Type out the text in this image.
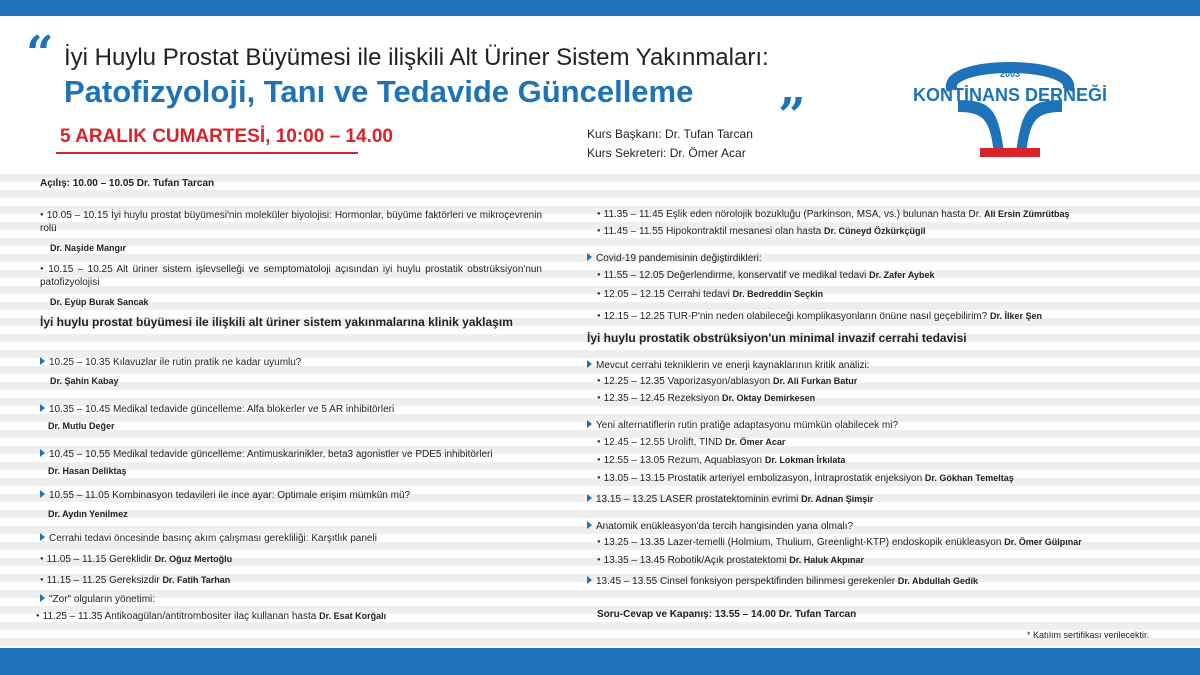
“ İyi Huylu Prostat Büyümesi ile ilişkili Alt Üriner Sistem Yakınmaları:
Patofizyoloji, Tanı ve Tedavide Güncelleme ”
5 ARALIK CUMARTESİ, 10:00 – 14.00	Kurs Başkanı: Dr. Tufan Tarcan
Kurs Sekreteri: Dr. Ömer Acar
2003
KONTİNANS DERNEĞİ
Açılış: 10.00 – 10.05 Dr. Tufan Tarcan
● 10.05 – 10.15 İyi huylu prostat büyümesi'nin moleküler biyolojisi: Hormonlar, büyüme faktörleri ve mikroçevrenin rolü
Dr. Naşide Mangır
● 10.15 – 10.25 Alt üriner sistem işlevselleği ve semptomatoloji açısından iyi huylu prostatik obstrüksiyon'nun patofizyolojisi
Dr. Eyüp Burak Sancak
İyi huylu prostat büyümesi ile ilişkili alt üriner sistem yakınmalarına klinik yaklaşım
10.25 – 10.35 Kılavuzlar ile rutin pratik ne kadar uyumlu?
Dr. Şahin Kabay
10.35 – 10.45 Medikal tedavide güncelleme: Alfa blokerler ve 5 AR inhibitörleri
Dr. Mutlu Değer
10.45 – 10.55 Medikal tedavide güncelleme: Antimuskarinikler, beta3 agonistler ve PDE5 inhibitörleri
Dr. Hasan Deliktaş
10.55 – 11.05 Kombinasyon tedavileri ile ince ayar: Optimale erişim mümkün mü?
Dr. Aydın Yenilmez
Cerrahi tedavi öncesinde basınç akım çalışması gerekliliği: Karşıtlık paneli
● 11.05 – 11.15 Gereklidir Dr. Oğuz Mertoğlu
● 11.15 – 11.25 Gereksizdir Dr. Fatih Tarhan
"Zor" olguların yönetimi:
● 11.25 – 11.35 Antikoagülan/antitrombositer ilaç kullanan hasta Dr. Esat Korğalı
● 11.35 – 11.45 Eşlik eden nörolojik bozukluğu (Parkinson, MSA, vs.) bulunan hasta Dr. Ali Ersin Zümrütbaş
● 11.45 – 11.55 Hipokontraktil mesanesi olan hasta Dr. Cüneyd Özkürkçügil
Covid-19 pandemisinin değiştirdikleri:
● 11.55 – 12.05 Değerlendirme, konservatif ve medikal tedavi Dr. Zafer Aybek
● 12.05 – 12.15 Cerrahi tedavi Dr. Bedreddin Seçkin
● 12.15 – 12.25 TUR-P'nin neden olabileceği komplikasyonların önüne nasıl geçebilirim? Dr. İlker Şen
İyi huylu prostatik obstrüksiyon'un minimal invazif cerrahi tedavisi
Mevcut cerrahi tekniklerin ve enerji kaynaklarının kritik analizi:
● 12.25 – 12.35 Vaporizasyon/ablasyon Dr. Ali Furkan Batur
● 12.35 – 12.45 Rezeksiyon Dr. Oktay Demirkesen
Yeni alternatiflerin rutin pratiğe adaptasyonu mümkün olabilecek mi?
● 12.45 – 12.55 Urolift, TIND Dr. Ömer Acar
● 12.55 – 13.05 Rezum, Aquablasyon Dr. Lokman İrkılata
● 13.05 – 13.15 Prostatik arteriyel embolizasyon, İntraprostatik enjeksiyon Dr. Gökhan Temeltaş
13.15 – 13.25 LASER prostatektominin evrimi Dr. Adnan Şimşir
Anatomik enükleasyon'da tercih hangisinden yana olmalı?
● 13.25 – 13.35 Lazer-temelli (Holmium, Thulium, Greenlight-KTP) endoskopik enükleasyon Dr. Ömer Gülpınar
● 13.35 – 13.45 Robotik/Açık prostatektomi Dr. Haluk Akpınar
13.45 – 13.55 Cinsel fonksiyon perspektifinden bilinmesi gerekenler Dr. Abdullah Gedik
Soru-Cevap ve Kapanış: 13.55 – 14.00 Dr. Tufan Tarcan
* Katılım sertifikası verilecektir.
